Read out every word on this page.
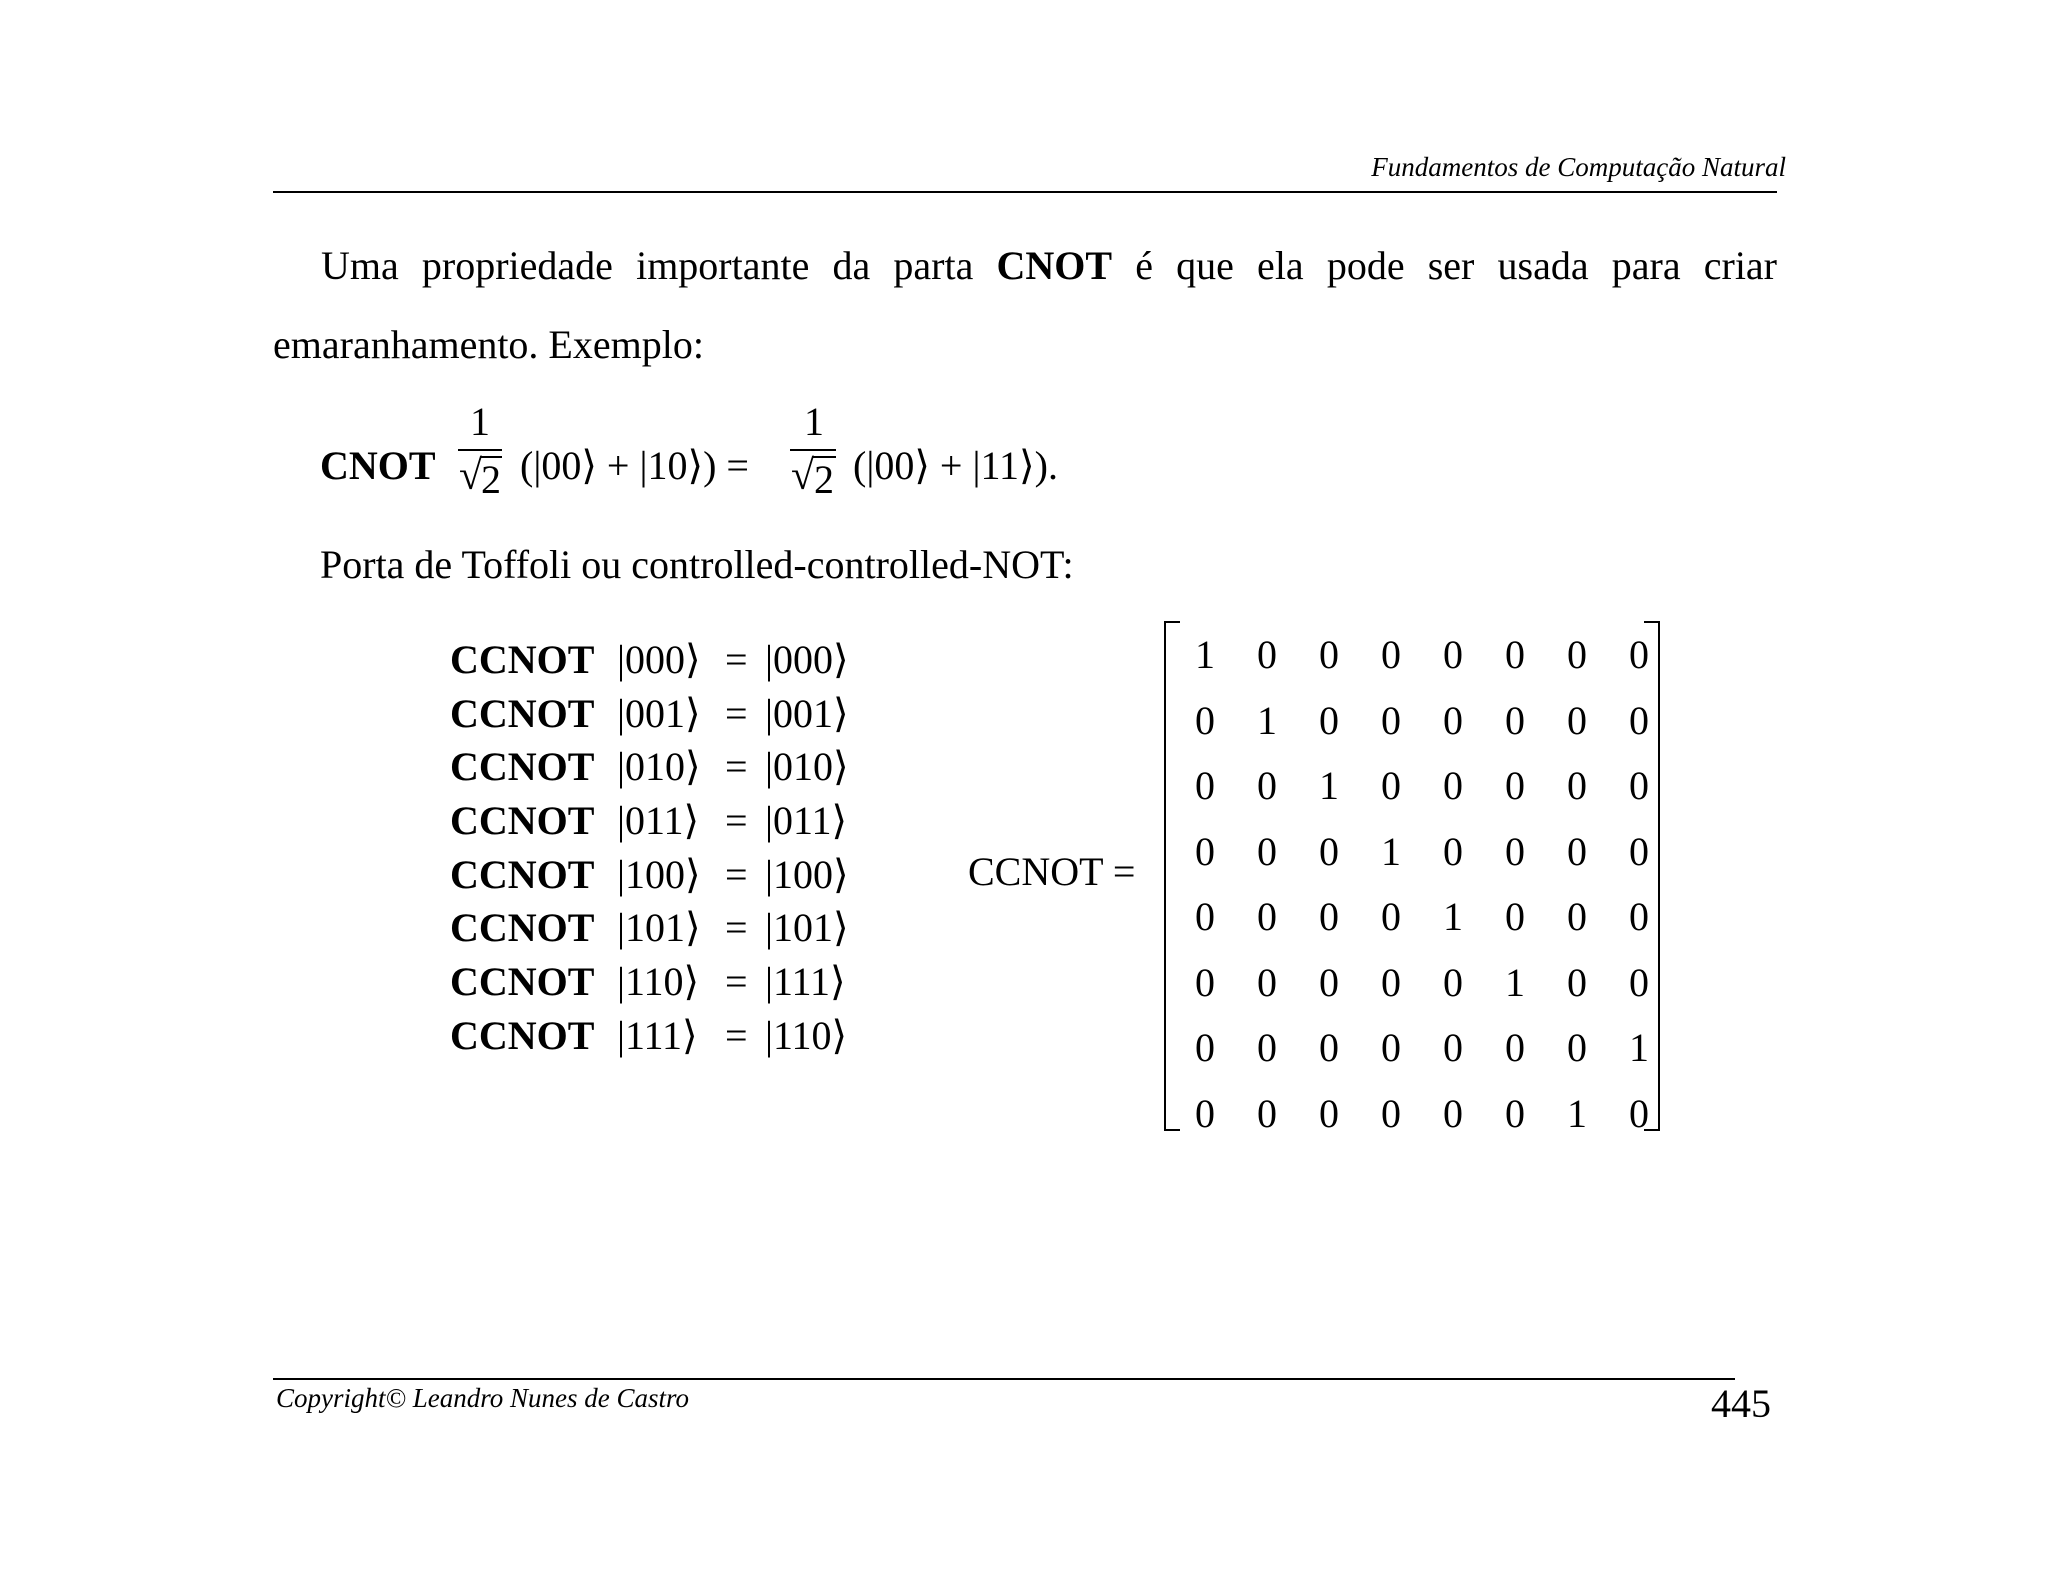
Fundamentos de Computação Natural
Uma propriedade importante da parta CNOT é que ela pode ser usada para criar
emaranhamento. Exemplo:
CNOT
1
√
2 (|00⟩ + |10⟩) =
1
√ 2 (|00⟩ + |11⟩).
Porta de Toffoli ou controlled-controlled-NOT:
CCNOT |000⟩ = |000⟩
CCNOT |001⟩ = |001⟩
CCNOT |010⟩ = |010⟩
CCNOT |011⟩ = |011⟩
CCNOT |100⟩ = |100⟩
CCNOT |101⟩ = |101⟩
CCNOT |110⟩ = |111⟩
CCNOT |111⟩ = |110⟩
CCNOT =
1	0	0	0	0	0	0	0
0	1	0	0	0	0	0	0
0	0	1	0	0	0	0	0
0	0	0	1	0	0	0	0
0	0	0	0	1	0	0	0
0	0	0	0	0	1	0	0
0	0	0	0	0	0	0	1
0	0	0	0	0	0	1	0
Copyright© Leandro Nunes de Castro	445
